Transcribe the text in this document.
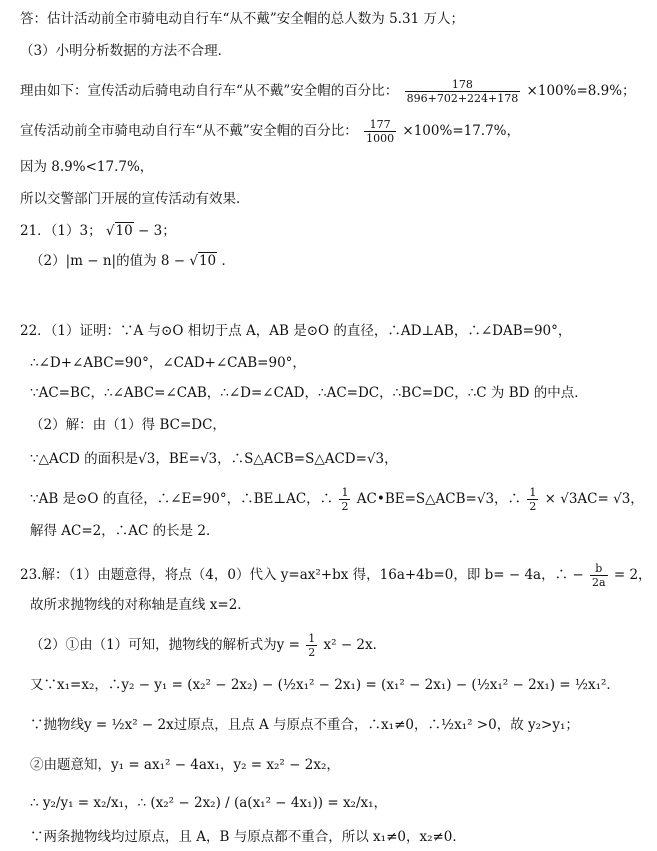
答：估计活动前全市骑电动自行车“从不戴”安全帽的总人数为 5.31 万人；
（3）小明分析数据的方法不合理．
理由如下：宣传活动后骑电动自行车“从不戴”安全帽的百分比： $\frac{178}{896+702+224+178} \times 100\%=8.9\%$；
宣传活动前全市骑电动自行车“从不戴”安全帽的百分比： $\frac{177}{1000} \times 100\%=17.7\%$，
因为 8.9%<17.7%，
所以交警部门开展的宣传活动有效果．
21．（1）3； √10 − 3；
（2）|m − n|的值为 8 − √10 ．
22．（1）证明：∵A 与⊙O 相切于点 A，AB 是⊙O 的直径，∴AD⊥AB，∴∠DAB=90°，
∴∠D+∠ABC=90°，∠CAD+∠CAB=90°，
∵AC=BC，∴∠ABC=∠CAB，∴∠D=∠CAD，∴AC=DC，∴BC=DC，∴C 为 BD 的中点．
（2）解：由（1）得 BC=DC，
∵△ACD 的面积是√3，BE=√3，∴S△ACB=S△ACD=√3，
∵AB 是⊙O 的直径，∴∠E=90°，∴BE⊥AC，∴ $\frac{1}{2}$ AC•BE=S△ACB=√3，∴ $\frac{1}{2} \times √3AC= √3$，
解得 AC=2，∴AC 的长是 2．
23.解：（1）由题意得，将点（4，0）代入 y=ax²+bx 得，16a+4b=0，即 b= − 4a，∴ − $\frac{b}{2a} = 2$，
故所求抛物线的对称轴是直线 x=2．
（2）①由（1）可知，抛物线的解析式为$y = \frac{1}{2} x^2 - 2x$．
又∵x₁=x₂，∴y₂ − y₁ = (x₂² − 2x₂) − (½x₁² − 2x₁) = (x₁² − 2x₁) − (½x₁² − 2x₁) = ½x₁²．
∵抛物线y = ½x² − 2x过原点，且点 A 与原点不重合，∴x₁≠0，∴½x₁² >0，故 y₂>y₁；
②由题意知，y₁ = ax₁² − 4ax₁，y₂ = x₂² − 2x₂，
∴ y₂/y₁ = x₂/x₁，∴ (x₂² − 2x₂) / (a(x₁² − 4x₁)) = x₂/x₁，
∵两条抛物线均过原点，且 A，B 与原点都不重合，所以 x₁≠0，x₂≠0．
